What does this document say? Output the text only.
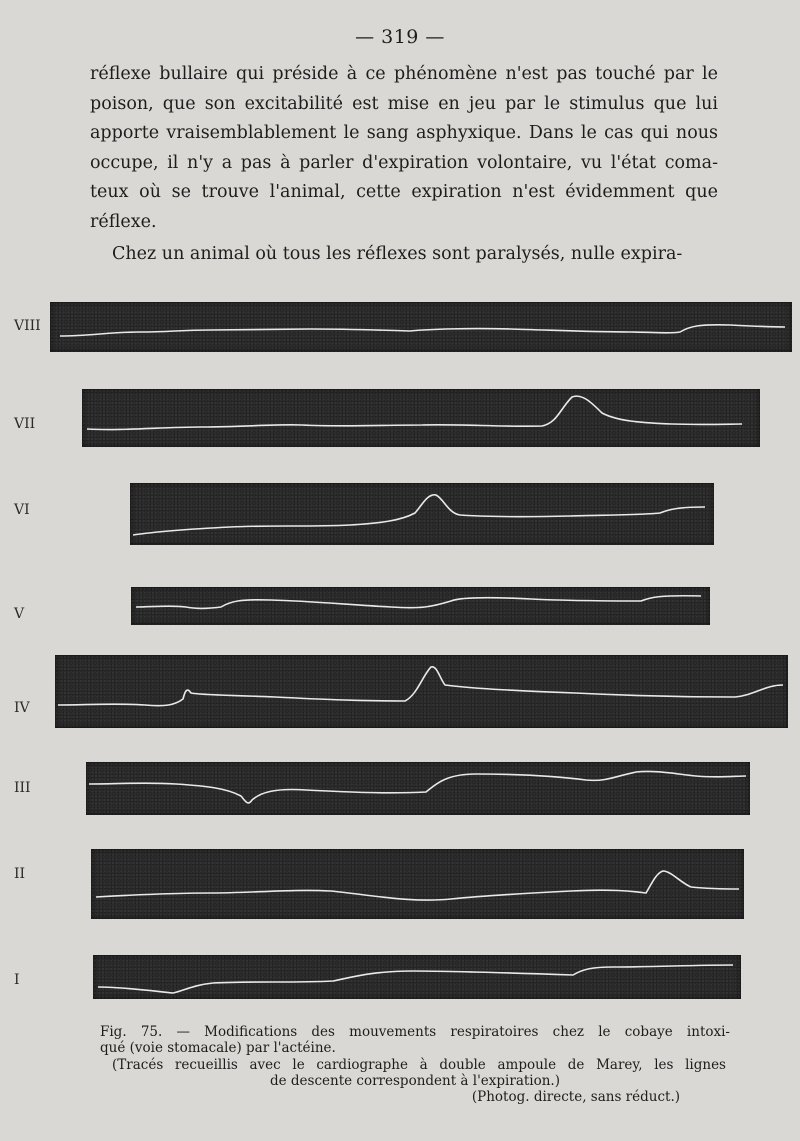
— 319 —
réflexe bullaire qui préside à ce phénomène n'est pas touché par le
poison, que son excitabilité est mise en jeu par le stimulus que lui
apporte vraisemblablement le sang asphyxique. Dans le cas qui nous
occupe, il n'y a pas à parler d'expiration volontaire, vu l'état coma-
teux où se trouve l'animal, cette expiration n'est évidemment que
réflexe.
Chez un animal où tous les réflexes sont paralysés, nulle expira-
VIII
VII
VI
V
IV
III
II
I
Fig. 75. — Modifications des mouvements respiratoires chez le cobaye intoxi-
qué (voie stomacale) par l'actéine.
(Tracés recueillis avec le cardiographe à double ampoule de Marey, les lignes
de descente correspondent à l'expiration.)
(Photog. directe, sans réduct.)
